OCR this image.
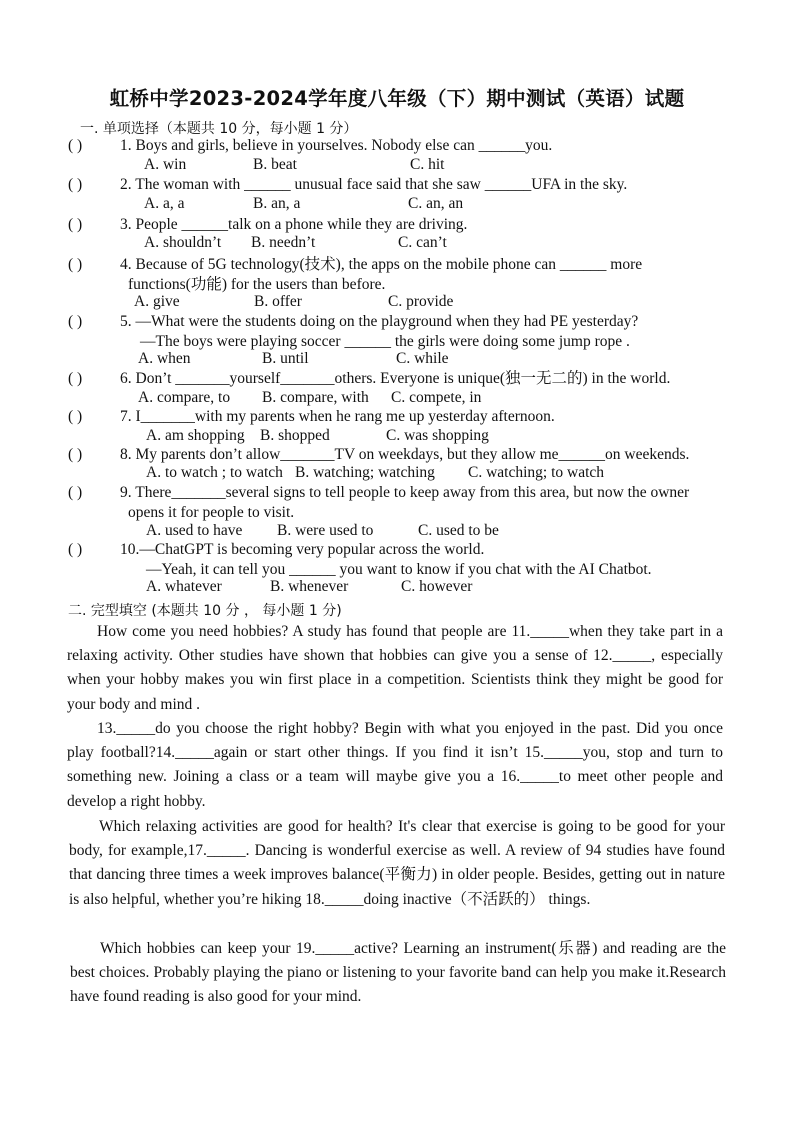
虹桥中学2023-2024学年度八年级（下）期中测试（英语）试题
一. 单项选择（本题共 10 分，每小题 1 分）
( ) 1. Boys and girls, believe in yourselves. Nobody else can ______you.
A. win	B. beat	C. hit
( ) 2. The woman with ______ unusual face said that she saw ______UFA in the sky.
A. a, a	B. an, a	C. an, an
( ) 3. People ______talk on a phone while they are driving.
A. shouldn’t B. needn’t	C. can’t
( ) 4. Because of 5G technology(技术), the apps on the mobile phone can ______ more
functions(功能) for the users than before.
A. give	B. offer	C. provide
( ) 5. —What were the students doing on the playground when they had PE yesterday?
—The boys were playing soccer ______ the girls were doing some jump rope .
A. when	B. until	C. while
( ) 6. Don’t _______yourself_______others. Everyone is unique(独一无二的) in the world.
A. compare, to B. compare, with C. compete, in
( ) 7. I_______with my parents when he rang me up yesterday afternoon.
A. am shopping B. shopped	C. was shopping
( ) 8. My parents don’t allow_______TV on weekdays, but they allow me______on weekends.
A. to watch ; to watch B. watching; watching C. watching; to watch
( ) 9. There_______several signs to tell people to keep away from this area, but now the owner
opens it for people to visit.
A. used to have B. were used to	C. used to be
( ) 10.—ChatGPT is becoming very popular across the world.
—Yeah, it can tell you ______ you want to know if you chat with the AI Chatbot.
A. whatever	B. whenever	C. however
二. 完型填空 (本题共 10 分 ， 每小题 1 分)
How come you need hobbies? A study has found that people are 11._____when they take part in a relaxing activity. Other studies have shown that hobbies can give you a sense of 12._____, especially when your hobby makes you win first place in a competition. Scientists think they might be good for your body and mind .
13._____do you choose the right hobby? Begin with what you enjoyed in the past. Did you once play football?14._____again or start other things. If you find it isn’t 15._____you, stop and turn to something new. Joining a class or a team will maybe give you a 16._____to meet other people and develop a right hobby.
Which relaxing activities are good for health? It's clear that exercise is going to be good for your body, for example,17._____. Dancing is wonderful exercise as well. A review of 94 studies have found that dancing three times a week improves balance(平衡力) in older people. Besides, getting out in nature is also helpful, whether you’re hiking 18._____doing inactive（不活跃的） things.
Which hobbies can keep your 19._____active? Learning an instrument(乐器) and reading are the best choices. Probably playing the piano or listening to your favorite band can help you make it.Research have found reading is also good for your mind.
